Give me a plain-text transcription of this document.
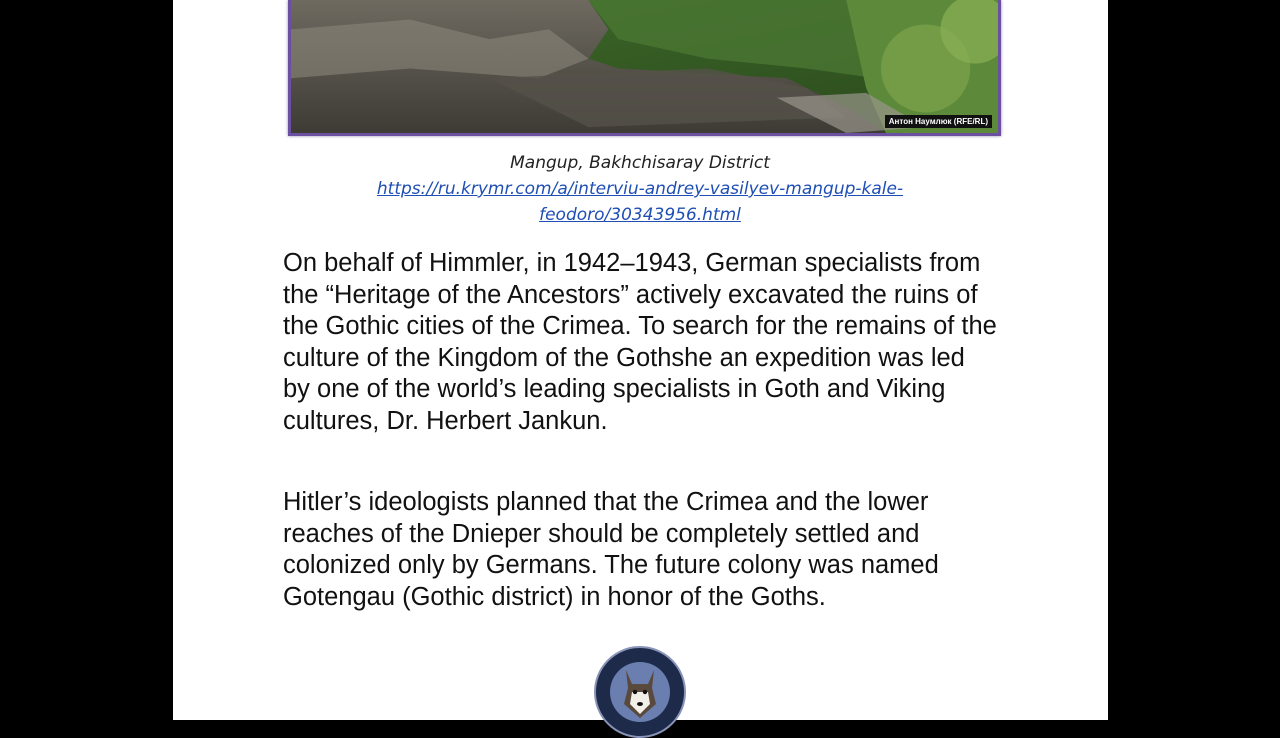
Антон Наумлюк (RFE/RL)
Mangup, Bakhchisaray District
https://ru.krymr.com/a/interviu-andrey-vasilyev-mangup-kale-
feodoro/30343956.html

On behalf of Himmler, in 1942–1943, German specialists from the “Heritage of the Ancestors” actively excavated the ruins of the Gothic cities of the Crimea. To search for the remains of the culture of the Kingdom of the Gothshe an expedition was led by one of the world’s leading specialists in Goth and Viking cultures, Dr. Herbert Jankun.

Hitler’s ideologists planned that the Crimea and the lower reaches of the Dnieper should be completely settled and colonized only by Germans. The future colony was named Gotengau (Gothic district) in honor of the Goths.
